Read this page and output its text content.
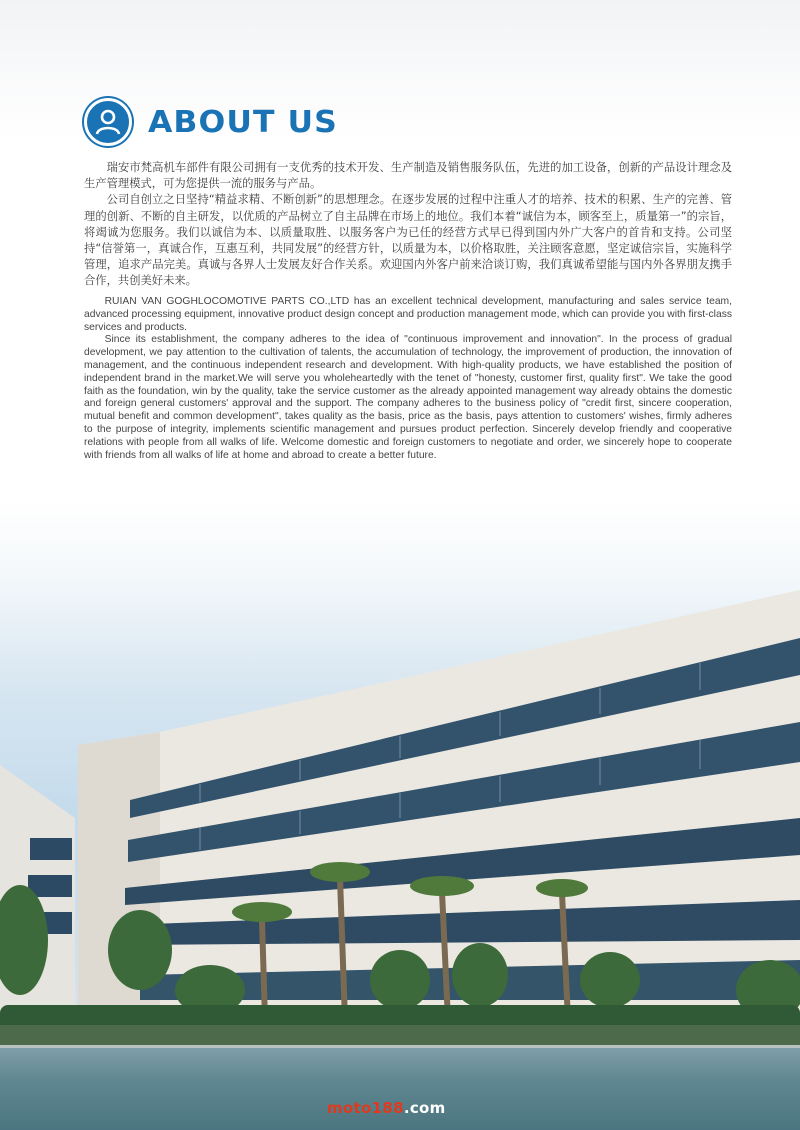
ABOUT US

瑞安市梵高机车部件有限公司拥有一支优秀的技术开发、生产制造及销售服务队伍，先进的加工设备，创新的产品设计理念及生产管理模式，可为您提供一流的服务与产品。

公司自创立之日坚持“精益求精、不断创新”的思想理念。在逐步发展的过程中注重人才的培养、技术的积累、生产的完善、管理的创新、不断的自主研发，以优质的产品树立了自主品牌在市场上的地位。我们本着“诚信为本，顾客至上，质量第一”的宗旨，将竭诚为您服务。我们以诚信为本、以质量取胜、以服务客户为已任的经营方式早已得到国内外广大客户的首肯和支持。公司坚持“信誉第一，真诚合作，互惠互利，共同发展”的经营方针，以质量为本，以价格取胜，关注顾客意愿，坚定诚信宗旨，实施科学管理，追求产品完美。真诚与各界人士发展友好合作关系。欢迎国内外客户前来洽谈订购，我们真诚希望能与国内外各界朋友携手合作，共创美好未来。

RUIAN VAN GOGHLOCOMOTIVE PARTS CO.,LTD has an excellent technical development, manufacturing and sales service team, advanced processing equipment, innovative product design concept and production management mode, which can provide you with first-class services and products.

Since its establishment, the company adheres to the idea of "continuous improvement and innovation". In the process of gradual development, we pay attention to the cultivation of talents, the accumulation of technology, the improvement of production, the innovation of management, and the continuous independent research and development. With high-quality products, we have established the position of independent brand in the market.We will serve you wholeheartedly with the tenet of "honesty, customer first, quality first". We take the good faith as the foundation, win by the quality, take the service customer as the already appointed management way already obtains the domestic and foreign general customers' approval and the support. The company adheres to the business policy of "credit first, sincere cooperation, mutual benefit and common development", takes quality as the basis, price as the basis, pays attention to customers' wishes, firmly adheres to the purpose of integrity, implements scientific management and pursues product perfection. Sincerely develop friendly and cooperative relations with people from all walks of life. Welcome domestic and foreign customers to negotiate and order, we sincerely hope to cooperate with friends from all walks of life at home and abroad to create a better future.

moto188.com
